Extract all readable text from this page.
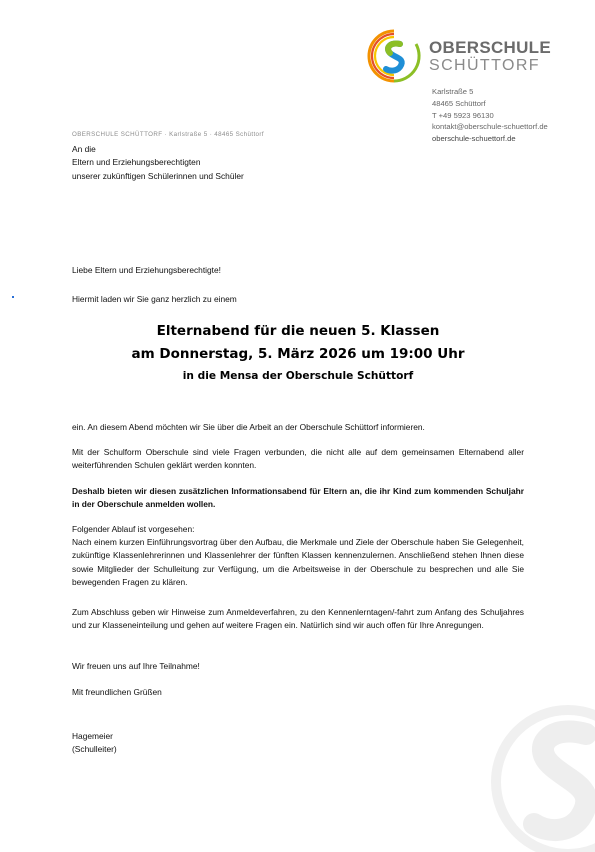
OBERSCHULE
SCHÜTTORF
Karlstraße 5
48465 Schüttorf
T +49 5923 96130
kontakt@oberschule-schuettorf.de
oberschule-schuettorf.de
OBERSCHULE SCHÜTTORF · Karlstraße 5 · 48465 Schüttorf
An die
Eltern und Erziehungsberechtigten
unserer zukünftigen Schülerinnen und Schüler
Liebe Eltern und Erziehungsberechtigte!
Hiermit laden wir Sie ganz herzlich zu einem
Elternabend für die neuen 5. Klassen
am Donnerstag, 5. März 2026 um 19:00 Uhr
in die Mensa der Oberschule Schüttorf
ein. An diesem Abend möchten wir Sie über die Arbeit an der Oberschule Schüttorf informieren.
Mit der Schulform Oberschule sind viele Fragen verbunden, die nicht alle auf dem gemeinsamen Elternabend aller weiterführenden Schulen geklärt werden konnten.
Deshalb bieten wir diesen zusätzlichen Informationsabend für Eltern an, die ihr Kind zum kommenden Schuljahr in der Oberschule anmelden wollen.
Folgender Ablauf ist vorgesehen:
Nach einem kurzen Einführungsvortrag über den Aufbau, die Merkmale und Ziele der Oberschule haben Sie Gelegenheit, zukünftige Klassenlehrerinnen und Klassenlehrer der fünften Klassen kennenzulernen. Anschließend stehen Ihnen diese sowie Mitglieder der Schulleitung zur Verfügung, um die Arbeitsweise in der Oberschule zu besprechen und alle Sie bewegenden Fragen zu klären.
Zum Abschluss geben wir Hinweise zum Anmeldeverfahren, zu den Kennenlerntagen/-fahrt zum Anfang des Schuljahres und zur Klasseneinteilung und gehen auf weitere Fragen ein. Natürlich sind wir auch offen für Ihre Anregungen.
Wir freuen uns auf Ihre Teilnahme!
Mit freundlichen Grüßen
Hagemeier
(Schulleiter)
